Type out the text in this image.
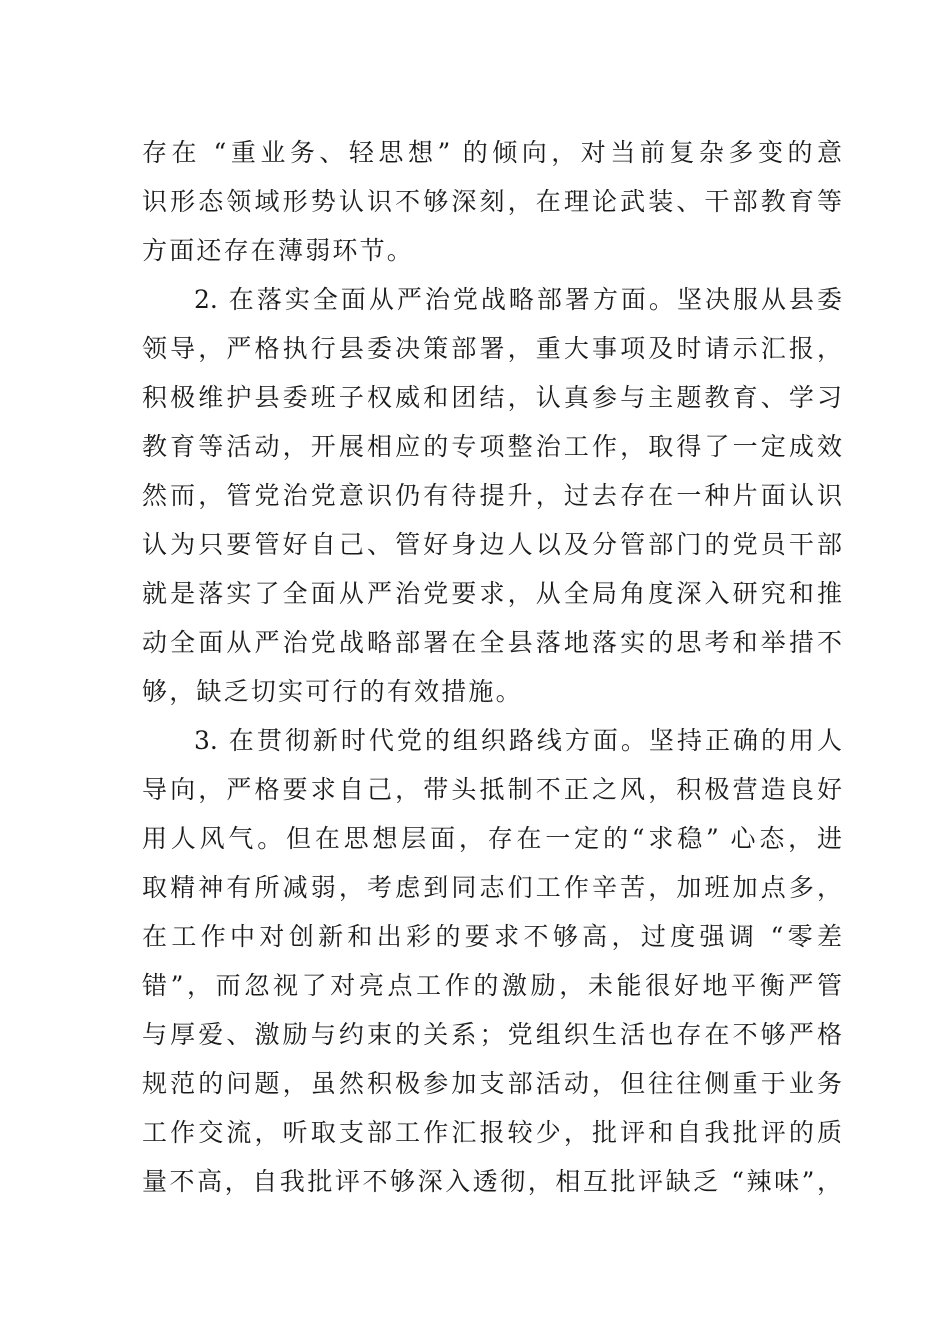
存在 “重业务、轻思想” 的倾向，对当前复杂多变的意
识形态领域形势认识不够深刻，在理论武装、干部教育等
方面还存在薄弱环节。
2. 在落实全面从严治党战略部署方面。坚决服从县委
领导，严格执行县委决策部署，重大事项及时请示汇报，
积极维护县委班子权威和团结，认真参与主题教育、学习
教育等活动，开展相应的专项整治工作，取得了一定成效
然而，管党治党意识仍有待提升，过去存在一种片面认识
认为只要管好自己、管好身边人以及分管部门的党员干部
就是落实了全面从严治党要求，从全局角度深入研究和推
动全面从严治党战略部署在全县落地落实的思考和举措不
够，缺乏切实可行的有效措施。
3. 在贯彻新时代党的组织路线方面。坚持正确的用人
导向，严格要求自己，带头抵制不正之风，积极营造良好
用人风气。但在思想层面，存在一定的“求稳” 心态，进
取精神有所减弱，考虑到同志们工作辛苦，加班加点多，
在工作中对创新和出彩的要求不够高，过度强调 “零差
错”，而忽视了对亮点工作的激励，未能很好地平衡严管
与厚爱、激励与约束的关系；党组织生活也存在不够严格
规范的问题，虽然积极参加支部活动，但往往侧重于业务
工作交流，听取支部工作汇报较少，批评和自我批评的质
量不高，自我批评不够深入透彻，相互批评缺乏 “辣味”，
